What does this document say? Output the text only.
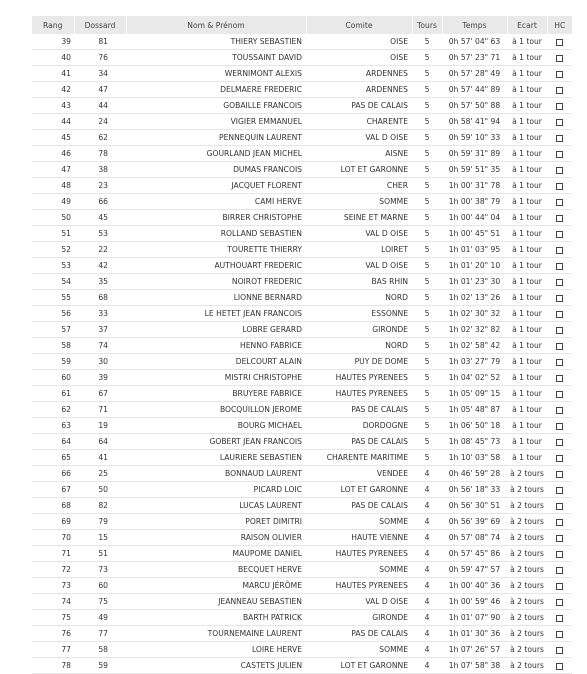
Rang	Dossard	Nom & Prénom	Comite	Tours	Temps	Ecart	HC
39	81	THIERY SEBASTIEN	OISE	5	0h 57' 04" 63	à 1 tour	
40	76	TOUSSAINT DAVID	OISE	5	0h 57' 23" 71	à 1 tour	
41	34	WERNIMONT ALEXIS	ARDENNES	5	0h 57' 28" 49	à 1 tour	
42	47	DELMAERE FREDERIC	ARDENNES	5	0h 57' 44" 89	à 1 tour	
43	44	GOBAILLE FRANCOIS	PAS DE CALAIS	5	0h 57' 50" 88	à 1 tour	
44	24	VIGIER EMMANUEL	CHARENTE	5	0h 58' 41" 94	à 1 tour	
45	62	PENNEQUIN LAURENT	VAL D OISE	5	0h 59' 10" 33	à 1 tour	
46	78	GOURLAND JEAN MICHEL	AISNE	5	0h 59' 31" 89	à 1 tour	
47	38	DUMAS FRANCOIS	LOT ET GARONNE	5	0h 59' 51" 35	à 1 tour	
48	23	JACQUET FLORENT	CHER	5	1h 00' 31" 78	à 1 tour	
49	66	CAMI HERVE	SOMME	5	1h 00' 38" 79	à 1 tour	
50	45	BIRRER CHRISTOPHE	SEINE ET MARNE	5	1h 00' 44" 04	à 1 tour	
51	53	ROLLAND SEBASTIEN	VAL D OISE	5	1h 00' 45" 51	à 1 tour	
52	22	TOURETTE THIERRY	LOIRET	5	1h 01' 03" 95	à 1 tour	
53	42	AUTHOUART FREDERIC	VAL D OISE	5	1h 01' 20" 10	à 1 tour	
54	35	NOIROT FREDERIC	BAS RHIN	5	1h 01' 23" 30	à 1 tour	
55	68	LIONNE BERNARD	NORD	5	1h 02' 13" 26	à 1 tour	
56	33	LE HETET JEAN FRANCOIS	ESSONNE	5	1h 02' 30" 32	à 1 tour	
57	37	LOBRE GERARD	GIRONDE	5	1h 02' 32" 82	à 1 tour	
58	74	HENNO FABRICE	NORD	5	1h 02' 58" 42	à 1 tour	
59	30	DELCOURT ALAIN	PUY DE DOME	5	1h 03' 27" 79	à 1 tour	
60	39	MISTRI CHRISTOPHE	HAUTES PYRENEES	5	1h 04' 02" 52	à 1 tour	
61	67	BRUYERE FABRICE	HAUTES PYRENEES	5	1h 05' 09" 15	à 1 tour	
62	71	BOCQUILLON JEROME	PAS DE CALAIS	5	1h 05' 48" 87	à 1 tour	
63	19	BOURG MICHAEL	DORDOGNE	5	1h 06' 50" 18	à 1 tour	
64	64	GOBERT JEAN FRANCOIS	PAS DE CALAIS	5	1h 08' 45" 73	à 1 tour	
65	41	LAURIERE SEBASTIEN	CHARENTE MARITIME	5	1h 10' 03" 58	à 1 tour	
66	25	BONNAUD LAURENT	VENDEE	4	0h 46' 59" 28	à 2 tours	
67	50	PICARD LOIC	LOT ET GARONNE	4	0h 56' 18" 33	à 2 tours	
68	82	LUCAS LAURENT	PAS DE CALAIS	4	0h 56' 30" 51	à 2 tours	
69	79	PORET DIMITRI	SOMME	4	0h 56' 39" 69	à 2 tours	
70	15	RAISON OLIVIER	HAUTE VIENNE	4	0h 57' 08" 74	à 2 tours	
71	51	MAUPOME DANIEL	HAUTES PYRENEES	4	0h 57' 45" 86	à 2 tours	
72	73	BECQUET HERVE	SOMME	4	0h 59' 47" 57	à 2 tours	
73	60	MARCU JÉRÔME	HAUTES PYRENEES	4	1h 00' 40" 36	à 2 tours	
74	75	JEANNEAU SEBASTIEN	VAL D OISE	4	1h 00' 59" 46	à 2 tours	
75	49	BARTH PATRICK	GIRONDE	4	1h 01' 07" 90	à 2 tours	
76	77	TOURNEMAINE LAURENT	PAS DE CALAIS	4	1h 01' 30" 36	à 2 tours	
77	58	LOIRE HERVE	SOMME	4	1h 07' 26" 57	à 2 tours	
78	59	CASTETS JULIEN	LOT ET GARONNE	4	1h 07' 58" 38	à 2 tours	
